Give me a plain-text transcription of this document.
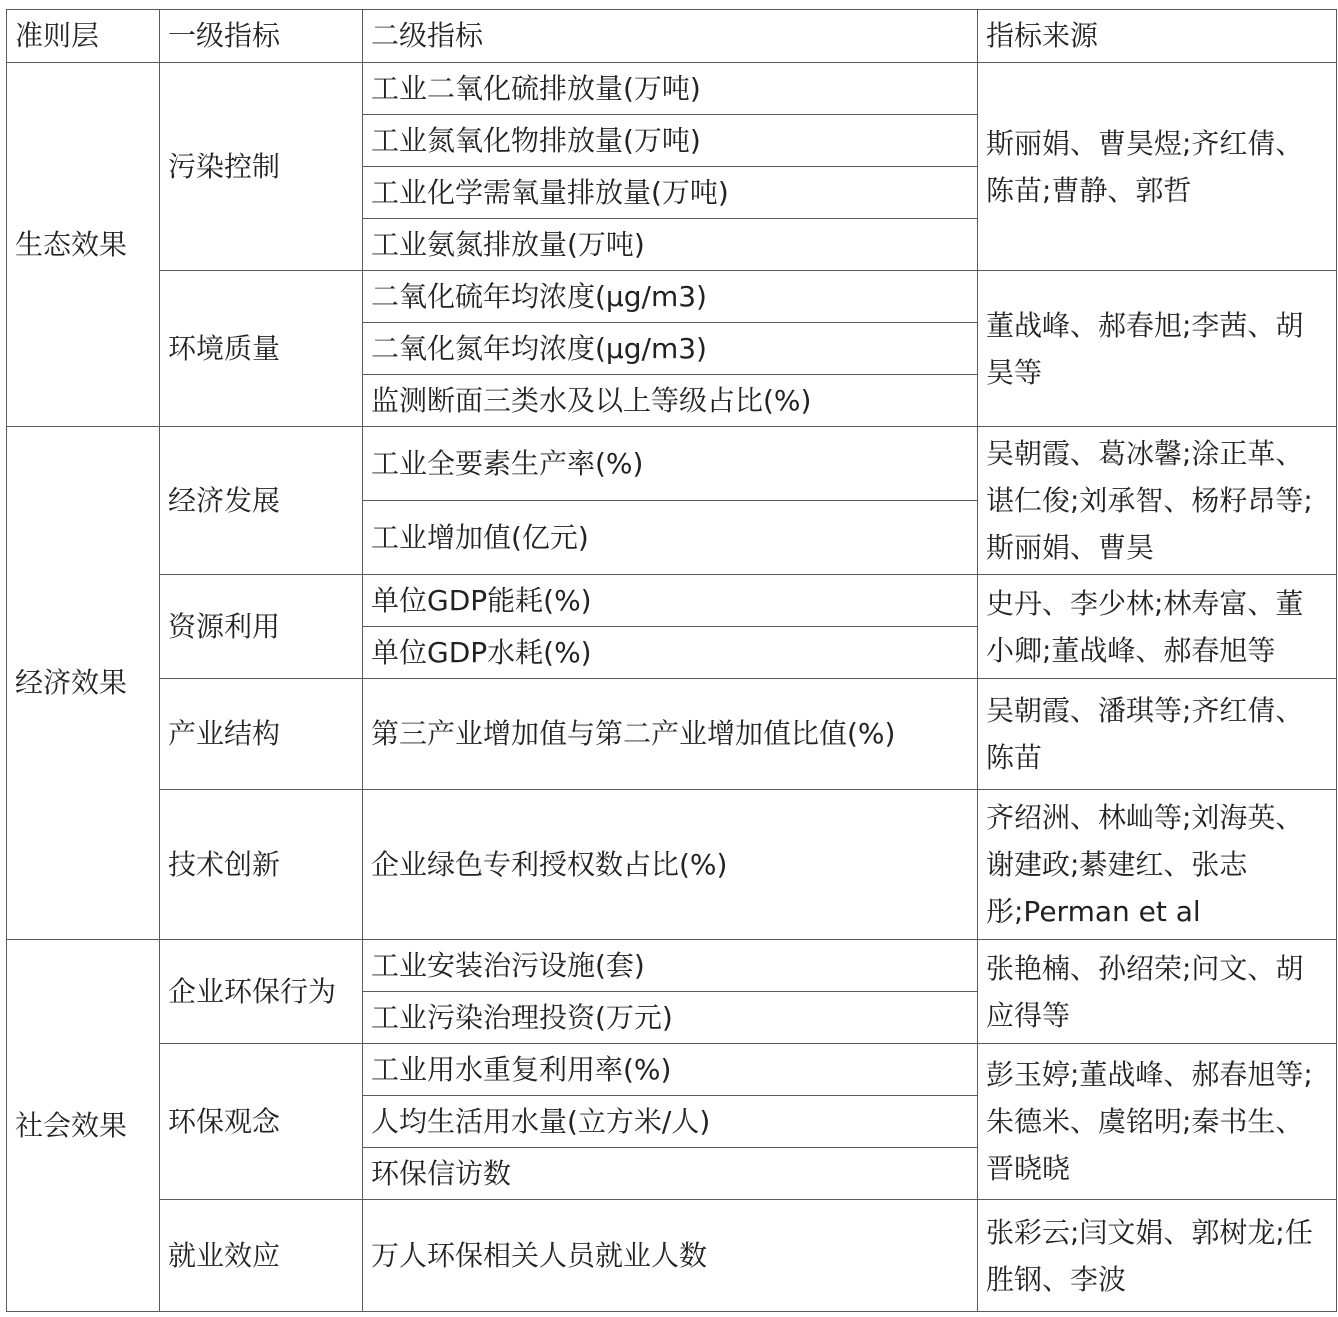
准则层	一级指标	二级指标	指标来源
生态效果	污染控制	工业二氧化硫排放量(万吨)	斯丽娟、曹昊煜;齐红倩、陈苗;曹静、郭哲
		工业氮氧化物排放量(万吨)	
		工业化学需氧量排放量(万吨)	
		工业氨氮排放量(万吨)	
	环境质量	二氧化硫年均浓度(μg/m3)	董战峰、郝春旭;李茜、胡昊等
		二氧化氮年均浓度(μg/m3)	
		监测断面三类水及以上等级占比(%)	
经济效果	经济发展	工业全要素生产率(%)	吴朝霞、葛冰馨;涂正革、谌仁俊;刘承智、杨籽昂等;斯丽娟、曹昊
		工业增加值(亿元)	
	资源利用	单位GDP能耗(%)	史丹、李少林;林寿富、董小卿;董战峰、郝春旭等
		单位GDP水耗(%)	
	产业结构	第三产业增加值与第二产业增加值比值(%)	吴朝霞、潘琪等;齐红倩、陈苗
	技术创新	企业绿色专利授权数占比(%)	齐绍洲、林屾等;刘海英、谢建政;綦建红、张志彤;Perman et al
社会效果	企业环保行为	工业安装治污设施(套)	张艳楠、孙绍荣;问文、胡应得等
		工业污染治理投资(万元)	
	环保观念	工业用水重复利用率(%)	彭玉婷;董战峰、郝春旭等;朱德米、虞铭明;秦书生、晋晓晓
		人均生活用水量(立方米/人)	
		环保信访数	
	就业效应	万人环保相关人员就业人数	张彩云;闫文娟、郭树龙;任胜钢、李波
